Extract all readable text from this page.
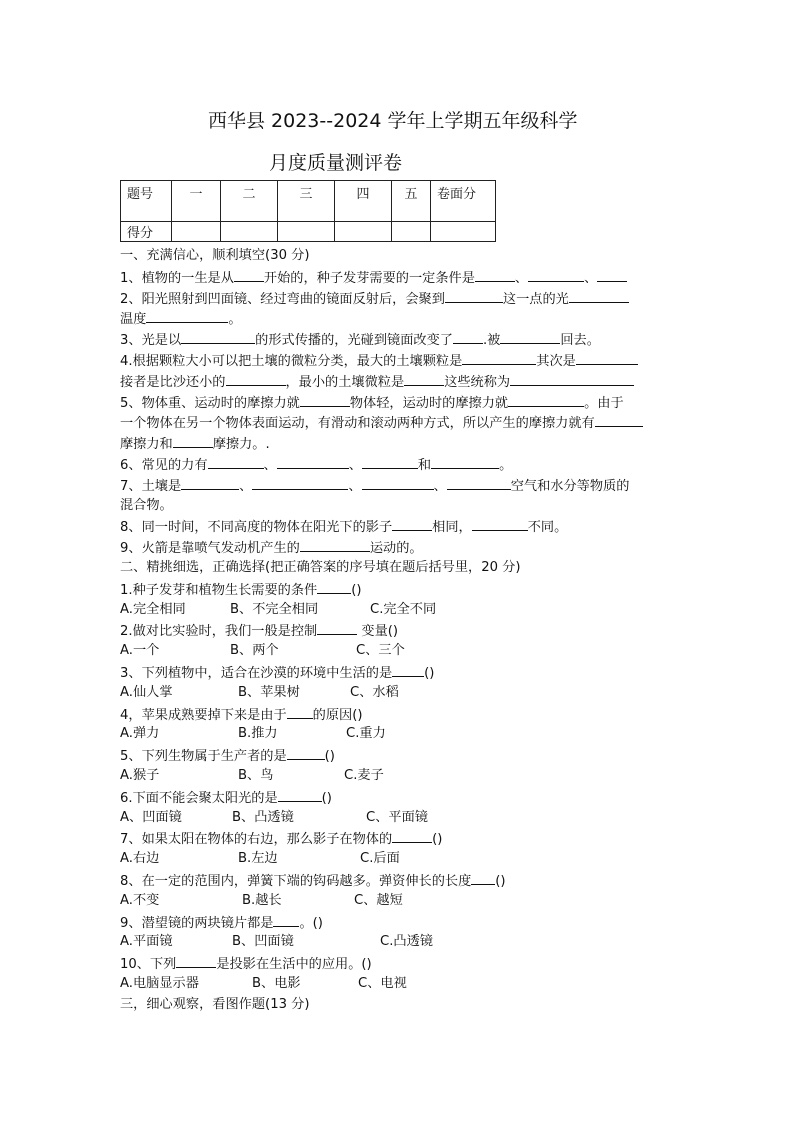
西华县 2023--2024 学年上学期五年级科学
月度质量测评卷
题号	一	二	三	四	五	卷面分
得分						
一、充满信心，顺利填空(30 分)
1、植物的一生是从 开始的，种子发芽需要的一定条件是	、	、
2、阳光照射到凹面镜、经过弯曲的镜面反射后，会聚到	这一点的光
温度	。
3、光是以	的形式传播的，光碰到镜面改变了 .被	回去。
4.根据颗粒大小可以把土壤的微粒分类，最大的土壤颗粒是	其次是
接者是比沙还小的	，最小的土壤微粒是	这些统称为
5、物体重、运动时的摩擦力就	物体轻，运动时的摩擦力就	。由于
一个物体在另一个物体表面运动，有滑动和滚动两种方式，所以产生的摩擦力就有
摩擦力和	摩擦力。.
6、常见的力有	、	、	和	。
7、土壤是	、	、	、	空气和水分等物质的
混合物。
8、同一时间，不同高度的物体在阳光下的影子	相同，	不同。
9、火箭是靠喷气发动机产生的	运动的。
二、精挑细选，正确选择(把正确答案的序号填在题后括号里，20 分)
1.种子发芽和植物生长需要的条件	()
A.完全相同	B、不完全相同	C.完全不同
2.做对比实验时，我们一般是控制	变量()
A.一个	B、两个	C、三个
3、下列植物中，适合在沙漠的环境中生活的是 ()
A.仙人掌	B、苹果树	C、水稻
4，苹果成熟要掉下来是由于 的原因()
A.弹力	B.推力	C.重力
5、下列生物属于生产者的是	()
A.猴子	B、鸟	C.麦子
6.下面不能会聚太阳光的是	()
A、凹面镜	B、凸透镜	C、平面镜
7、如果太阳在物体的右边，那么影子在物体的	()
A.右边	B.左边	C.后面
8、在一定的范围内，弹簧下端的钩码越多。弹资伸长的长度 ()
A.不变	B.越长	C、越短
9、潜望镜的两块镜片都是 。()
A.平面镜	B、凹面镜	C.凸透镜
10、下列	是投影在生活中的应用。()
A.电脑显示器	B、电影	C、电视
三，细心观察，看图作题(13 分)
